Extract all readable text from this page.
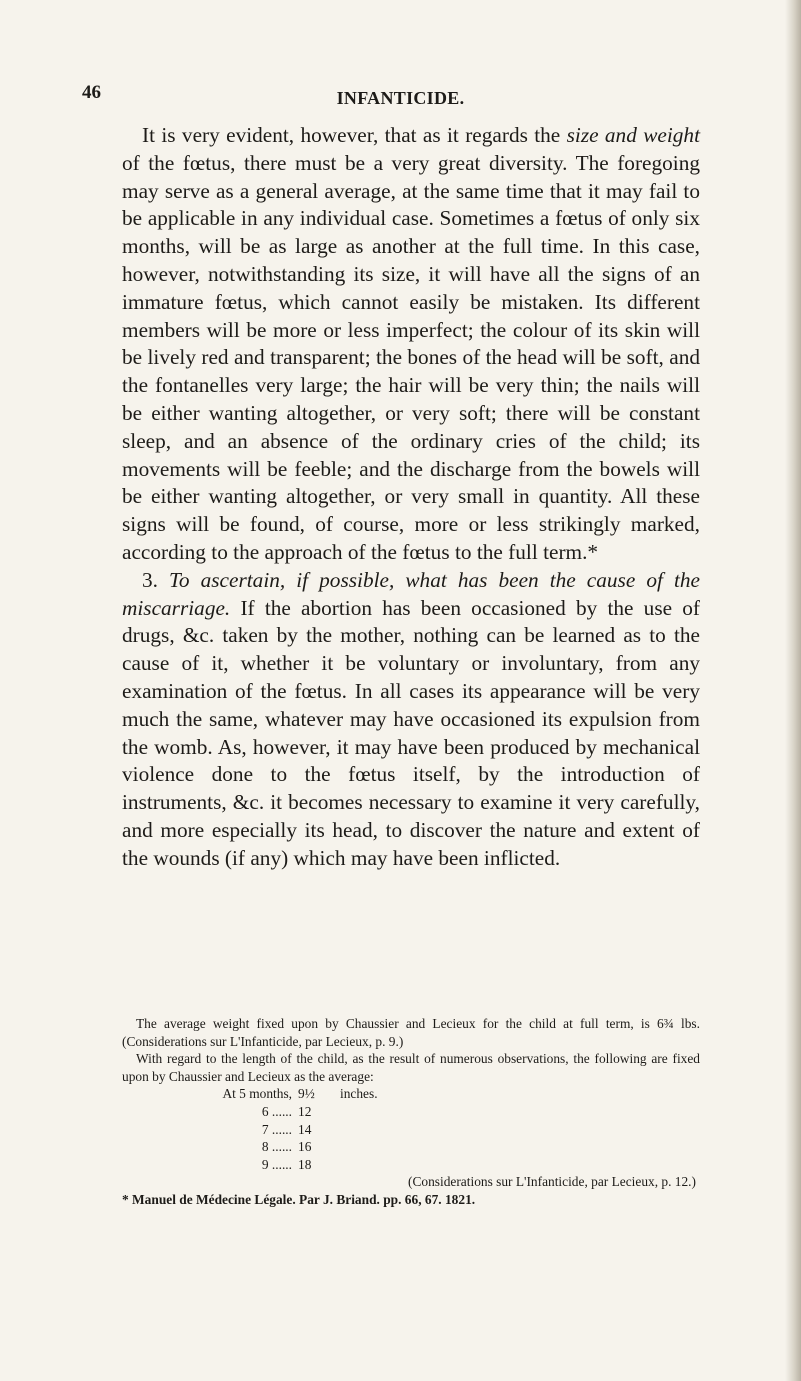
46	INFANTICIDE.

It is very evident, however, that as it regards the size and weight of the fœtus, there must be a very great diversity. The foregoing may serve as a general average, at the same time that it may fail to be applicable in any individual case. Sometimes a fœtus of only six months, will be as large as another at the full time. In this case, however, notwithstanding its size, it will have all the signs of an immature fœtus, which cannot easily be mistaken. Its different members will be more or less imperfect; the colour of its skin will be lively red and transparent; the bones of the head will be soft, and the fontanelles very large; the hair will be very thin; the nails will be either wanting altogether, or very soft; there will be constant sleep, and an absence of the ordinary cries of the child; its movements will be feeble; and the discharge from the bowels will be either wanting altogether, or very small in quantity. All these signs will be found, of course, more or less strikingly marked, according to the approach of the fœtus to the full term.*

3. To ascertain, if possible, what has been the cause of the miscarriage. If the abortion has been occasioned by the use of drugs, &c. taken by the mother, nothing can be learned as to the cause of it, whether it be voluntary or involuntary, from any examination of the fœtus. In all cases its appearance will be very much the same, whatever may have occasioned its expulsion from the womb. As, however, it may have been produced by mechanical violence done to the fœtus itself, by the introduction of instruments, &c. it becomes necessary to examine it very carefully, and more especially its head, to discover the nature and extent of the wounds (if any) which may have been inflicted.

The average weight fixed upon by Chaussier and Lecieux for the child at full term, is 6¾ lbs. (Considerations sur L'Infanticide, par Lecieux, p. 9.)

With regard to the length of the child, as the result of numerous observations, the following are fixed upon by Chaussier and Lecieux as the average:

At 5 months, 9½ inches.
6 ...... 12
7 ...... 14
8 ...... 16
9 ...... 18

(Considerations sur L'Infanticide, par Lecieux, p. 12.)

* Manuel de Médecine Légale. Par J. Briand. pp. 66, 67. 1821.
